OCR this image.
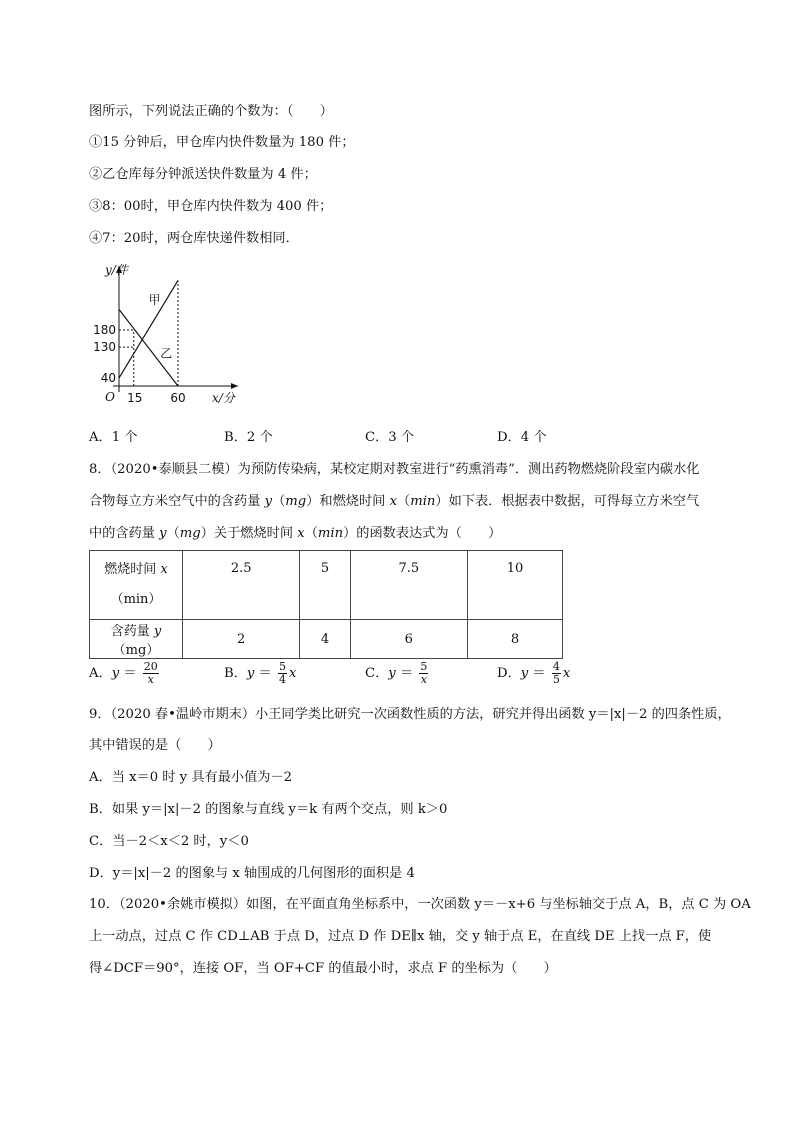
图所示，下列说法正确的个数为：（　　）
①15 分钟后，甲仓库内快件数量为 180 件；
②乙仓库每分钟派送快件数量为 4 件；
③8：00时，甲仓库内快件数为 400 件；
④7：20时，两仓库快递件数相同．
甲
乙
40
130
180
15 60
O
y/件
x/分
A．1 个	B．2 个	C．3 个	D．4 个
8．（2020•泰顺县二模）为预防传染病，某校定期对教室进行“药熏消毒”．测出药物燃烧阶段室内碳水化
合物每立方米空气中的含药量 y（mg）和燃烧时间 x（min）如下表．根据表中数据，可得每立方米空气
中的含药量 y（mg）关于燃烧时间 x（min）的函数表达式为（　　）
燃烧时间 x
（min）	2.5	5	7.5	10
含药量 y（mg）	2	4	6	8
A．$y = \frac{20}{x}$	B．$y = \frac{5}{4}$ x	C．$y = \frac{5}{x}$	D．$y = \frac{4}{5}$ x
9．（2020 春•温岭市期末）小王同学类比研究一次函数性质的方法，研究并得出函数 y＝|x|－2 的四条性质，
其中错误的是（　　）
A．当 x＝0 时 y 具有最小值为－2
B．如果 y＝|x|－2 的图象与直线 y＝k 有两个交点，则 k＞0
C．当－2＜x＜2 时，y＜0
D．y＝|x|－2 的图象与 x 轴围成的几何图形的面积是 4
10．（2020•余姚市模拟）如图，在平面直角坐标系中，一次函数 y＝－x+6 与坐标轴交于点 A，B，点 C 为 OA
上一动点，过点 C 作 CD⊥AB 于点 D，过点 D 作 DE∥x 轴，交 y 轴于点 E，在直线 DE 上找一点 F，使
得∠DCF＝90°，连接 OF，当 OF+CF 的值最小时，求点 F 的坐标为（　　）
